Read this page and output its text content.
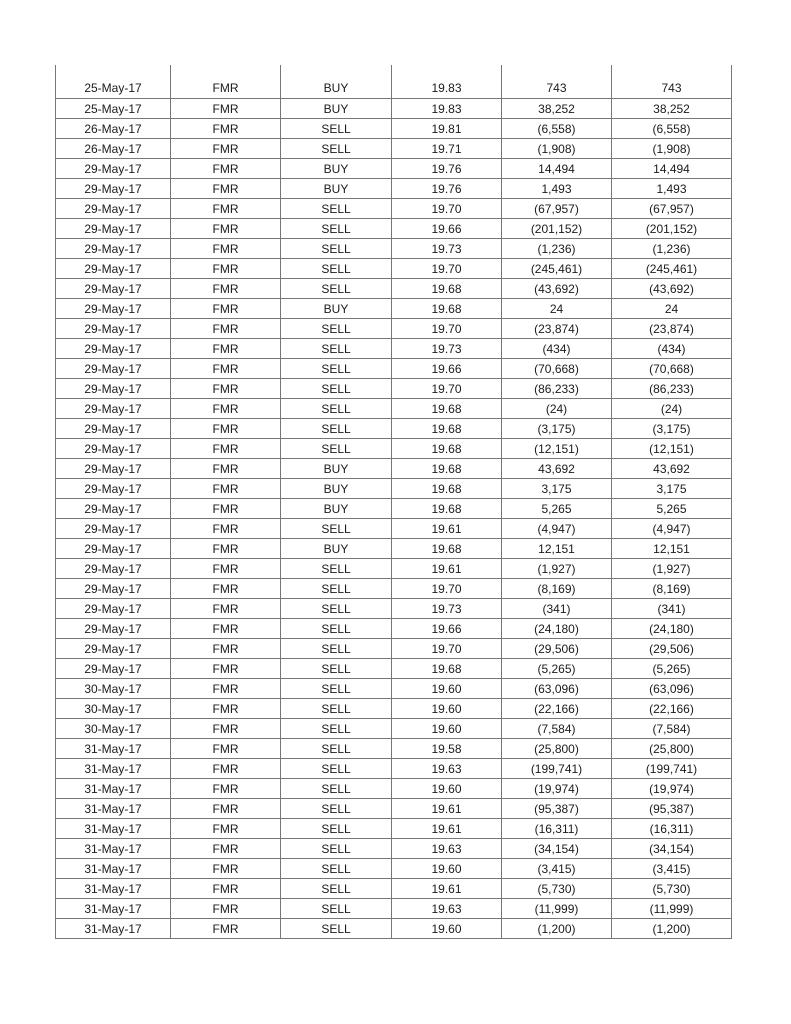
25-May-17	FMR	BUY	19.83	743	743
25-May-17	FMR	BUY	19.83	38,252	38,252
26-May-17	FMR	SELL	19.81	(6,558)	(6,558)
26-May-17	FMR	SELL	19.71	(1,908)	(1,908)
29-May-17	FMR	BUY	19.76	14,494	14,494
29-May-17	FMR	BUY	19.76	1,493	1,493
29-May-17	FMR	SELL	19.70	(67,957)	(67,957)
29-May-17	FMR	SELL	19.66	(201,152)	(201,152)
29-May-17	FMR	SELL	19.73	(1,236)	(1,236)
29-May-17	FMR	SELL	19.70	(245,461)	(245,461)
29-May-17	FMR	SELL	19.68	(43,692)	(43,692)
29-May-17	FMR	BUY	19.68	24	24
29-May-17	FMR	SELL	19.70	(23,874)	(23,874)
29-May-17	FMR	SELL	19.73	(434)	(434)
29-May-17	FMR	SELL	19.66	(70,668)	(70,668)
29-May-17	FMR	SELL	19.70	(86,233)	(86,233)
29-May-17	FMR	SELL	19.68	(24)	(24)
29-May-17	FMR	SELL	19.68	(3,175)	(3,175)
29-May-17	FMR	SELL	19.68	(12,151)	(12,151)
29-May-17	FMR	BUY	19.68	43,692	43,692
29-May-17	FMR	BUY	19.68	3,175	3,175
29-May-17	FMR	BUY	19.68	5,265	5,265
29-May-17	FMR	SELL	19.61	(4,947)	(4,947)
29-May-17	FMR	BUY	19.68	12,151	12,151
29-May-17	FMR	SELL	19.61	(1,927)	(1,927)
29-May-17	FMR	SELL	19.70	(8,169)	(8,169)
29-May-17	FMR	SELL	19.73	(341)	(341)
29-May-17	FMR	SELL	19.66	(24,180)	(24,180)
29-May-17	FMR	SELL	19.70	(29,506)	(29,506)
29-May-17	FMR	SELL	19.68	(5,265)	(5,265)
30-May-17	FMR	SELL	19.60	(63,096)	(63,096)
30-May-17	FMR	SELL	19.60	(22,166)	(22,166)
30-May-17	FMR	SELL	19.60	(7,584)	(7,584)
31-May-17	FMR	SELL	19.58	(25,800)	(25,800)
31-May-17	FMR	SELL	19.63	(199,741)	(199,741)
31-May-17	FMR	SELL	19.60	(19,974)	(19,974)
31-May-17	FMR	SELL	19.61	(95,387)	(95,387)
31-May-17	FMR	SELL	19.61	(16,311)	(16,311)
31-May-17	FMR	SELL	19.63	(34,154)	(34,154)
31-May-17	FMR	SELL	19.60	(3,415)	(3,415)
31-May-17	FMR	SELL	19.61	(5,730)	(5,730)
31-May-17	FMR	SELL	19.63	(11,999)	(11,999)
31-May-17	FMR	SELL	19.60	(1,200)	(1,200)
